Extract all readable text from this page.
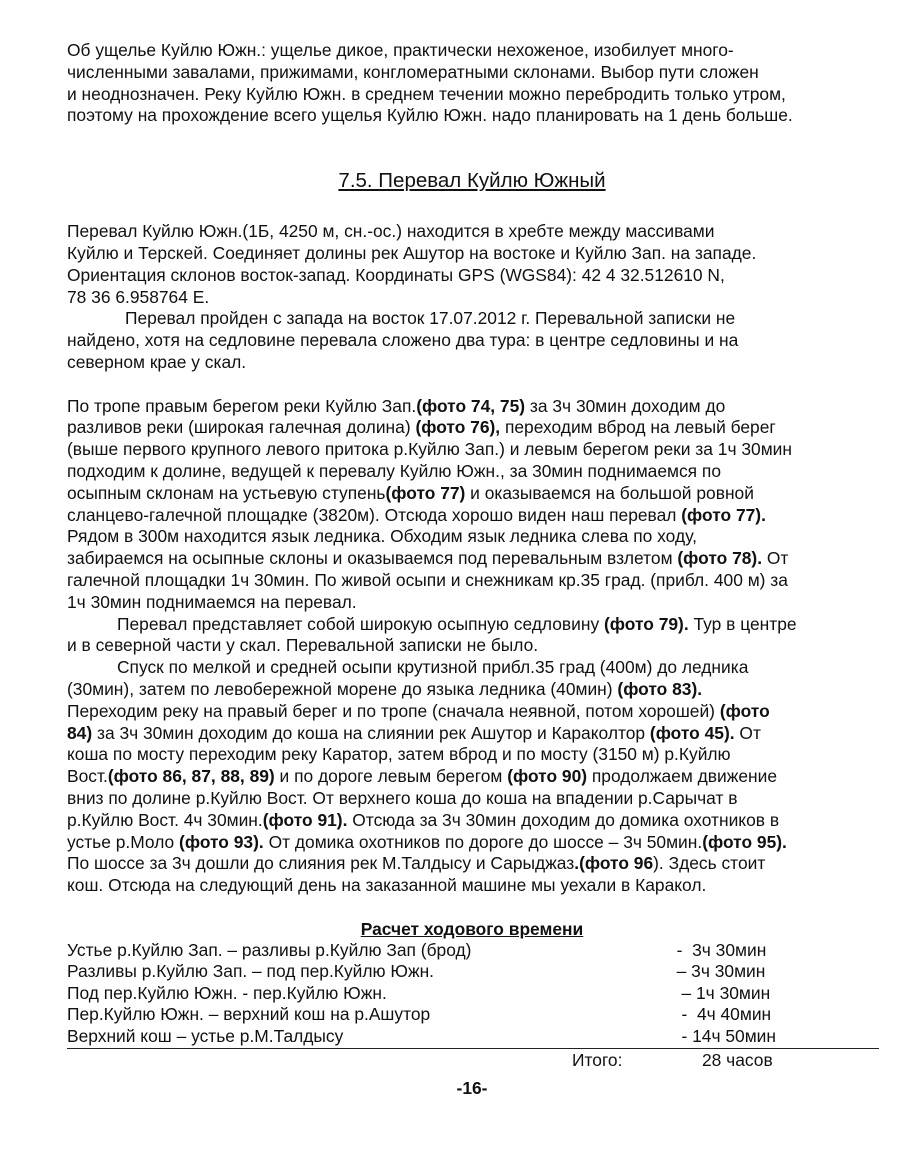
Об ущелье Куйлю Южн.: ущелье дикое, практически нехоженое, изобилует много-
численными завалами, прижимами, конгломератными склонами. Выбор пути сложен
и неоднозначен. Реку Куйлю Южн. в среднем течении можно перебродить только утром,
поэтому на прохождение всего ущелья Куйлю Южн. надо планировать на 1 день больше.
7.5. Перевал Куйлю Южный
Перевал Куйлю Южн.(1Б, 4250 м, сн.-ос.) находится в хребте между массивами
Куйлю и Терскей. Соединяет долины рек Ашутор на востоке и Куйлю Зап. на западе.
Ориентация склонов восток-запад. Координаты GPS (WGS84): 42 4 32.512610 N,
78 36 6.958764 E.
Перевал пройден с запада на восток 17.07.2012 г. Перевальной записки не
найдено, хотя на седловине перевала сложено два тура: в центре седловины и на
северном крае у скал.
По тропе правым берегом реки Куйлю Зап.(фото 74, 75) за 3ч 30мин доходим до
разливов реки (широкая галечная долина) (фото 76), переходим вброд на левый берег
(выше первого крупного левого притока р.Куйлю Зап.) и левым берегом реки за 1ч 30мин
подходим к долине, ведущей к перевалу Куйлю Южн., за 30мин поднимаемся по
осыпным склонам на устьевую ступень(фото 77) и оказываемся на большой ровной
сланцево-галечной площадке (3820м). Отсюда хорошо виден наш перевал (фото 77).
Рядом в 300м находится язык ледника. Обходим язык ледника слева по ходу,
забираемся на осыпные склоны и оказываемся под перевальным взлетом (фото 78). От
галечной площадки 1ч 30мин. По живой осыпи и снежникам кр.35 град. (прибл. 400 м) за
1ч 30мин поднимаемся на перевал.
Перевал представляет собой широкую осыпную седловину (фото 79). Тур в центре
и в северной части у скал. Перевальной записки не было.
Спуск по мелкой и средней осыпи крутизной прибл.35 град (400м) до ледника
(30мин), затем по левобережной морене до языка ледника (40мин) (фото 83).
Переходим реку на правый берег и по тропе (сначала неявной, потом хорошей) (фото
84) за 3ч 30мин доходим до коша на слиянии рек Ашутор и Караколтор (фото 45). От
коша по мосту переходим реку Каратор, затем вброд и по мосту (3150 м) р.Куйлю
Вост.(фото 86, 87, 88, 89) и по дороге левым берегом (фото 90) продолжаем движение
вниз по долине р.Куйлю Вост. От верхнего коша до коша на впадении р.Сарычат в
р.Куйлю Вост. 4ч 30мин.(фото 91). Отсюда за 3ч 30мин доходим до домика охотников в
устье р.Моло (фото 93). От домика охотников по дороге до шоссе – 3ч 50мин.(фото 95).
По шоссе за 3ч дошли до слияния рек М.Талдысу и Сарыджаз.(фото 96). Здесь стоит
кош. Отсюда на следующий день на заказанной машине мы уехали в Каракол.
Расчет ходового времени
Устье р.Куйлю Зап. – разливы р.Куйлю Зап (брод)	-  3ч 30мин
Разливы р.Куйлю Зап. – под пер.Куйлю Южн.	– 3ч 30мин
Под пер.Куйлю Южн. - пер.Куйлю Южн.	– 1ч 30мин
Пер.Куйлю Южн. – верхний кош на р.Ашутор	-  4ч 40мин
Верхний кош – устье р.М.Талдысу	- 14ч 50мин
Итого:	28 часов
-16-
